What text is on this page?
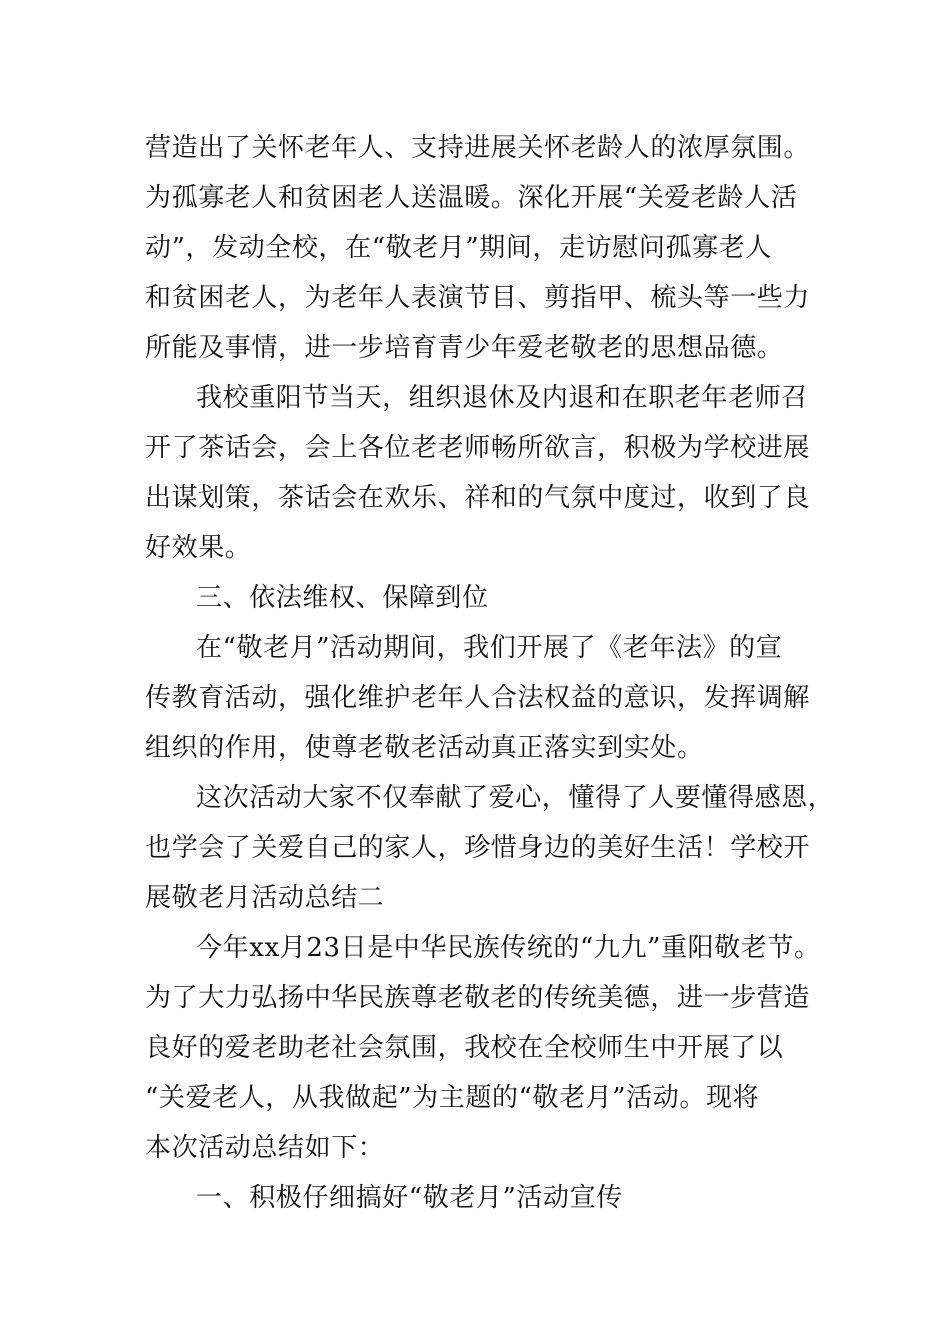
营造出了关怀老年人、支持进展关怀老龄人的浓厚氛围。
为孤寡老人和贫困老人送温暖。深化开展“关爱老龄人活
动”，发动全校，在“敬老月”期间，走访慰问孤寡老人
和贫困老人，为老年人表演节目、剪指甲、梳头等一些力
所能及事情，进一步培育青少年爱老敬老的思想品德。
我校重阳节当天，组织退休及内退和在职老年老师召
开了茶话会，会上各位老老师畅所欲言，积极为学校进展
出谋划策，茶话会在欢乐、祥和的气氛中度过，收到了良
好效果。
三、依法维权、保障到位
在“敬老月”活动期间，我们开展了《老年法》的宣
传教育活动，强化维护老年人合法权益的意识，发挥调解
组织的作用，使尊老敬老活动真正落实到实处。
这次活动大家不仅奉献了爱心，懂得了人要懂得感恩，
也学会了关爱自己的家人，珍惜身边的美好生活！学校开
展敬老月活动总结二
今年xx月23日是中华民族传统的“九九”重阳敬老节。
为了大力弘扬中华民族尊老敬老的传统美德，进一步营造
良好的爱老助老社会氛围，我校在全校师生中开展了以
“关爱老人，从我做起”为主题的“敬老月”活动。现将
本次活动总结如下：
一、积极仔细搞好“敬老月”活动宣传
